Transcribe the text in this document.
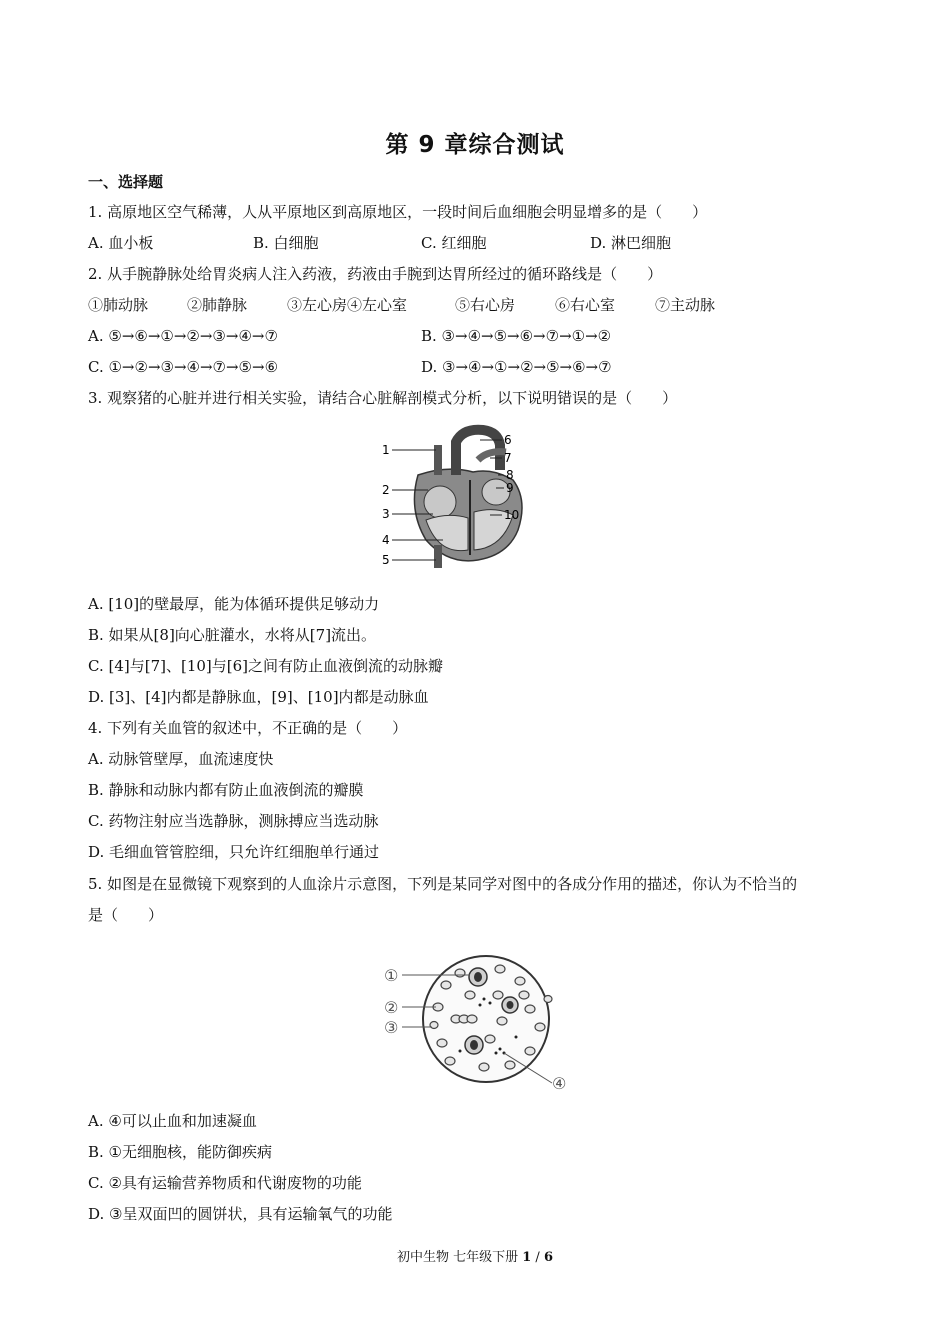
第 9 章综合测试
一、选择题
1. 高原地区空气稀薄，人从平原地区到高原地区，一段时间后血细胞会明显增多的是（　　）
A. 血小板	B. 白细胞	C. 红细胞	D. 淋巴细胞
2. 从手腕静脉处给胃炎病人注入药液，药液由手腕到达胃所经过的循环路线是（　　）
①肺动脉	②肺静脉	③左心房④左心室	⑤右心房	⑥右心室	⑦主动脉
A. ⑤→⑥→①→②→③→④→⑦	B. ③→④→⑤→⑥→⑦→①→②
C. ①→②→③→④→⑦→⑤→⑥	D. ③→④→①→②→⑤→⑥→⑦
3. 观察猪的心脏并进行相关实验，请结合心脏解剖模式分析，以下说明错误的是（　　）
1
2
3
4
5
6
7
8
9
10
A. [10]的壁最厚，能为体循环提供足够动力
B. 如果从[8]向心脏灌水，水将从[7]流出。
C. [4]与[7]、[10]与[6]之间有防止血液倒流的动脉瓣
D. [3]、[4]内都是静脉血，[9]、[10]内都是动脉血
4. 下列有关血管的叙述中，不正确的是（　　）
A. 动脉管壁厚，血流速度快
B. 静脉和动脉内都有防止血液倒流的瓣膜
C. 药物注射应当选静脉，测脉搏应当选动脉
D. 毛细血管管腔细，只允许红细胞单行通过
5. 如图是在显微镜下观察到的人血涂片示意图，下列是某同学对图中的各成分作用的描述，你认为不恰当的
是（　　）
①
②
③
④
A. ④可以止血和加速凝血
B. ①无细胞核，能防御疾病
C. ②具有运输营养物质和代谢废物的功能
D. ③呈双面凹的圆饼状，具有运输氧气的功能
初中生物 七年级下册 1 / 6
